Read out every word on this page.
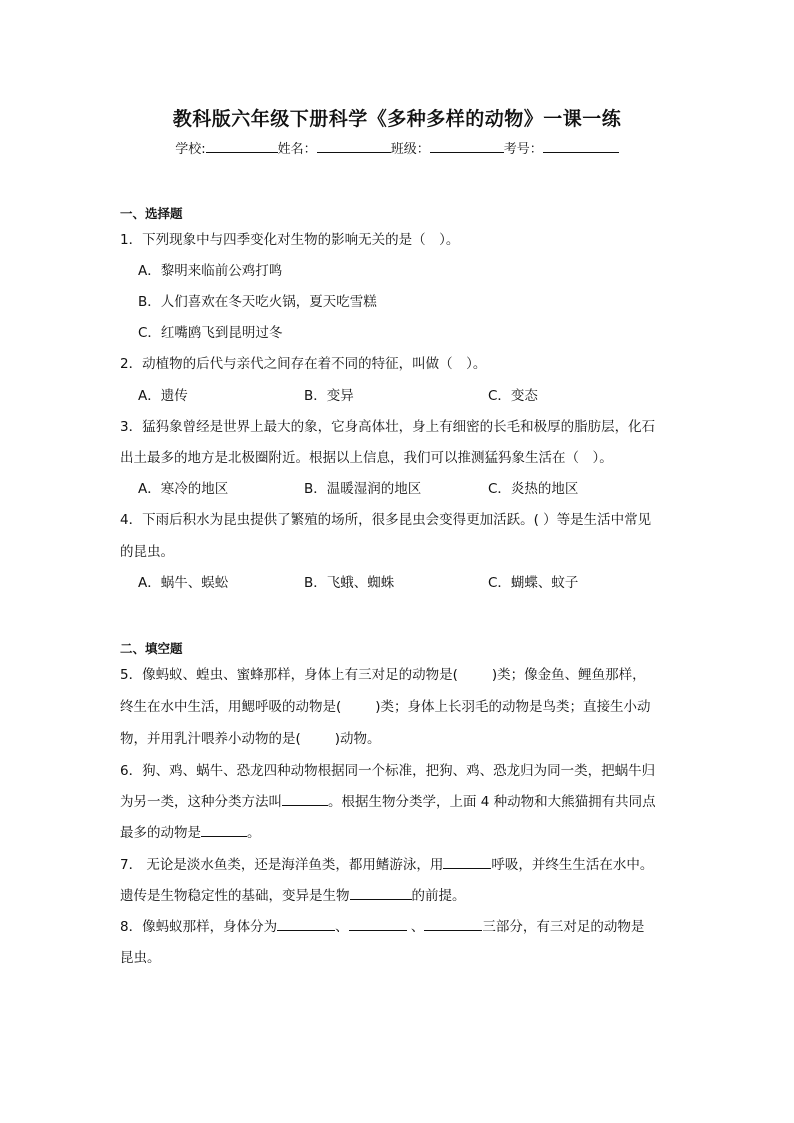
教科版六年级下册科学《多种多样的动物》一课一练
学校:	姓名：	班级：	考号：
一、选择题
1．下列现象中与四季变化对生物的影响无关的是（　）。
A．黎明来临前公鸡打鸣
B．人们喜欢在冬天吃火锅，夏天吃雪糕
C．红嘴鸥飞到昆明过冬
2．动植物的后代与亲代之间存在着不同的特征，叫做（　）。
A．遗传	B．变异	C．变态
3．猛犸象曾经是世界上最大的象，它身高体壮，身上有细密的长毛和极厚的脂肪层，化石
出土最多的地方是北极圈附近。根据以上信息，我们可以推测猛犸象生活在（　）。
A．寒冷的地区	B．温暖湿润的地区	C．炎热的地区
4．下雨后积水为昆虫提供了繁殖的场所，很多昆虫会变得更加活跃。( ）等是生活中常见
的昆虫。
A．蜗牛、蜈蚣	B．飞蛾、蜘蛛	C．蝴蝶、蚊子
二、填空题
5．像蚂蚁、蝗虫、蜜蜂那样，身体上有三对足的动物是(	)类；像金鱼、鲤鱼那样，
终生在水中生活，用鳃呼吸的动物是(	)类；身体上长羽毛的动物是鸟类；直接生小动
物，并用乳汁喂养小动物的是(	)动物。
6．狗、鸡、蜗牛、恐龙四种动物根据同一个标准，把狗、鸡、恐龙归为同一类，把蜗牛归
为另一类，这种分类方法叫	。根据生物分类学，上面 4 种动物和大熊猫拥有共同点
最多的动物是	。
7． 无论是淡水鱼类，还是海洋鱼类，都用鳍游泳，用	呼吸，并终生生活在水中。
遗传是生物稳定性的基础，变异是生物	的前提。
8．像蚂蚁那样，身体分为	、	、	三部分，有三对足的动物是
昆虫。
